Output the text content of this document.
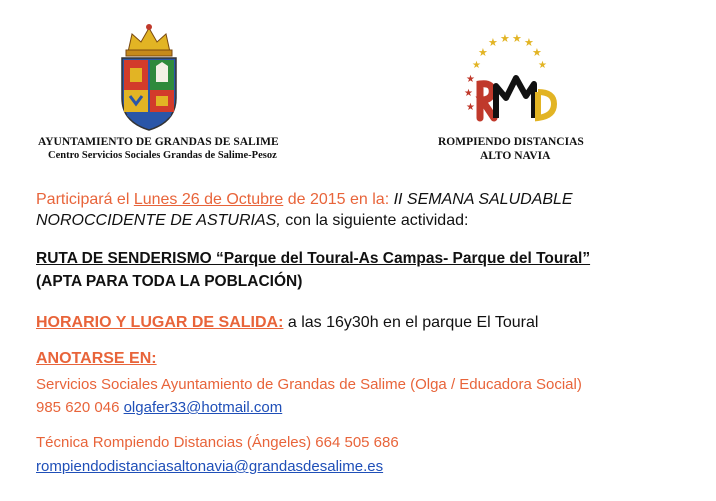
AYUNTAMIENTO DE GRANDAS DE SALIME
Centro Servicios Sociales Grandas de Salime-Pesoz
★ ★ ★ ★
★	★
★	★
★
★
★
ROMPIENDO DISTANCIAS
ALTO NAVIA
Participará el Lunes 26 de Octubre de 2015 en la: II SEMANA SALUDABLE
NOROCCIDENTE DE ASTURIAS, con la siguiente actividad:
RUTA DE SENDERISMO “Parque del Toural-As Campas- Parque del Toural”
(APTA PARA TODA LA POBLACIÓN)
HORARIO Y LUGAR DE SALIDA: a las 16y30h en el parque El Toural
ANOTARSE EN:
Servicios Sociales Ayuntamiento de Grandas de Salime (Olga / Educadora Social)
985 620 046 olgafer33@hotmail.com
Técnica Rompiendo Distancias (Ángeles) 664 505 686
rompiendodistanciasaltonavia@grandasdesalime.es
